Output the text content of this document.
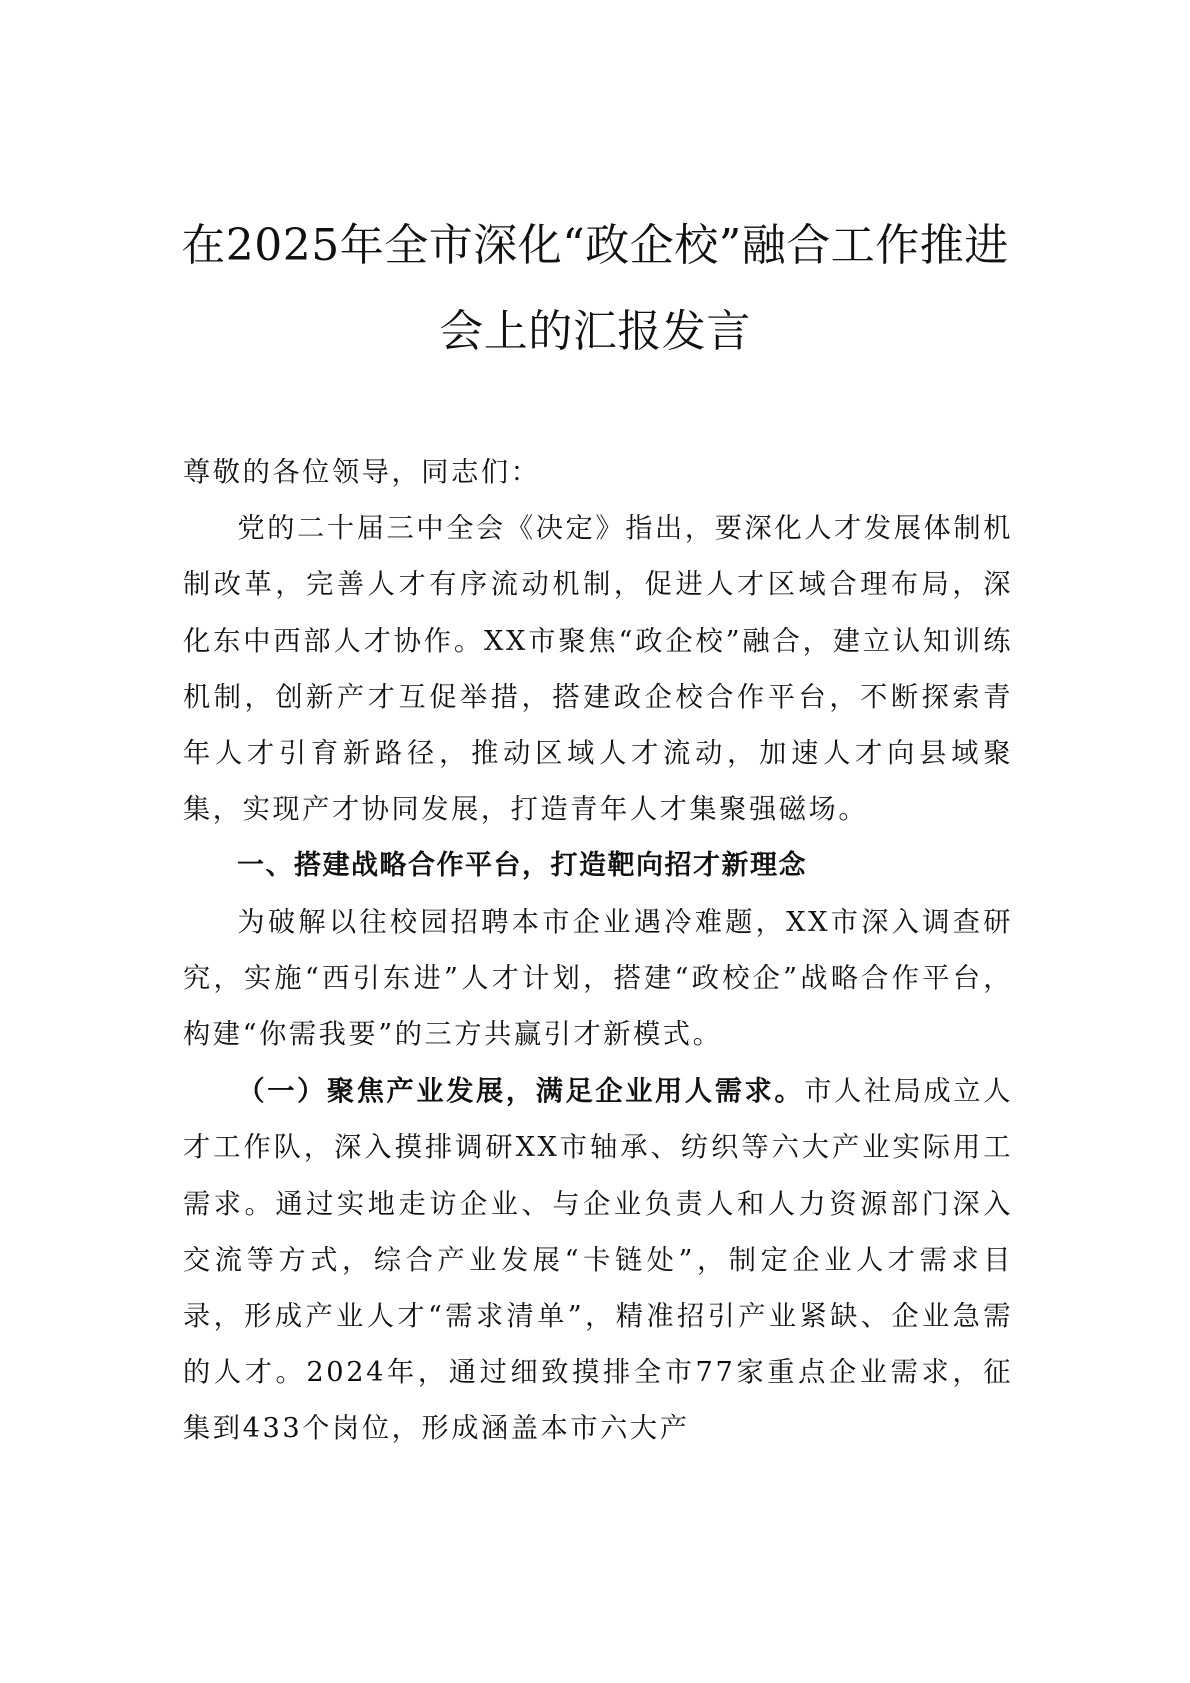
在2025年全市深化“政企校”融合工作推进
会上的汇报发言

尊敬的各位领导，同志们：

党的二十届三中全会《决定》指出，要深化人才发展体制机制改革，完善人才有序流动机制，促进人才区域合理布局，深化东中西部人才协作。XX市聚焦“政企校”融合，建立认知训练机制，创新产才互促举措，搭建政企校合作平台，不断探索青年人才引育新路径，推动区域人才流动，加速人才向县域聚集，实现产才协同发展，打造青年人才集聚强磁场。

一、搭建战略合作平台，打造靶向招才新理念

为破解以往校园招聘本市企业遇冷难题，XX市深入调查研究，实施“西引东进”人才计划，搭建“政校企”战略合作平台，构建“你需我要”的三方共赢引才新模式。

（一）聚焦产业发展，满足企业用人需求。市人社局成立人才工作队，深入摸排调研XX市轴承、纺织等六大产业实际用工需求。通过实地走访企业、与企业负责人和人力资源部门深入交流等方式，综合产业发展“卡链处”，制定企业人才需求目录，形成产业人才“需求清单”，精准招引产业紧缺、企业急需的人才。2024年，通过细致摸排全市77家重点企业需求，征集到433个岗位，形成涵盖本市六大产
